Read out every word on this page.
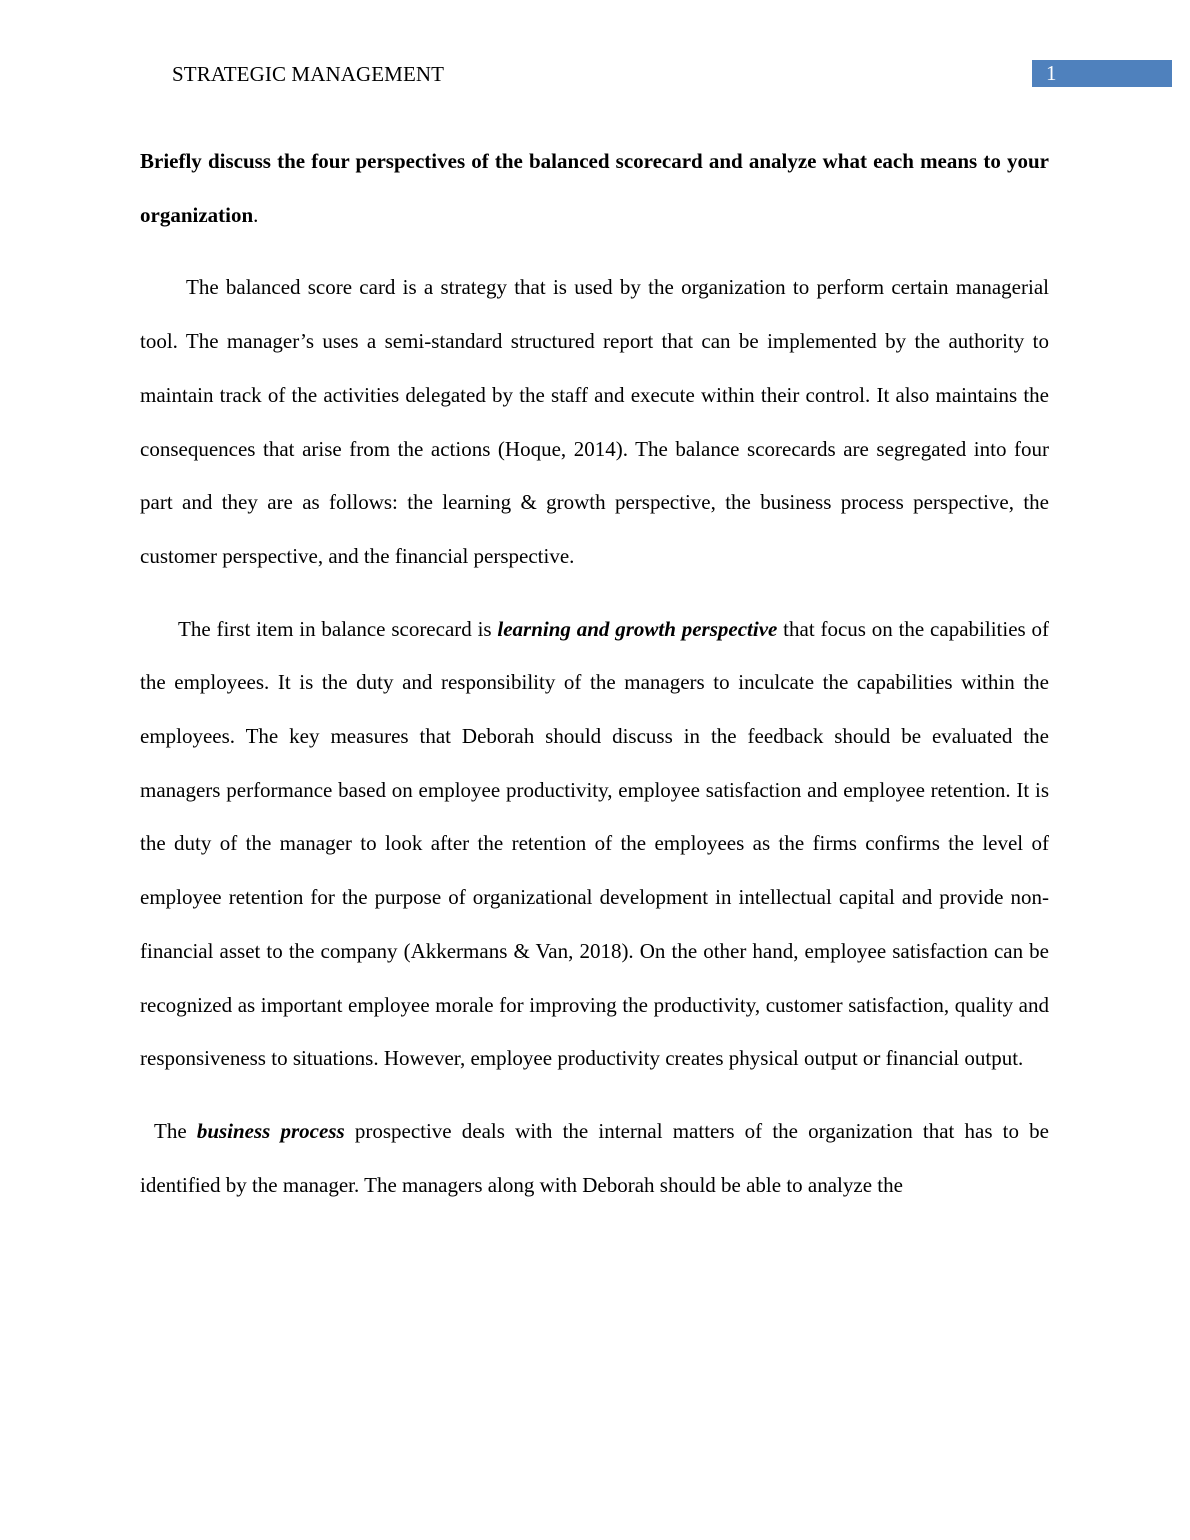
STRATEGIC MANAGEMENT	1
Briefly discuss the four perspectives of the balanced scorecard and analyze what each means to your organization.

The balanced score card is a strategy that is used by the organization to perform certain managerial tool. The manager’s uses a semi-standard structured report that can be implemented by the authority to maintain track of the activities delegated by the staff and execute within their control. It also maintains the consequences that arise from the actions (Hoque, 2014). The balance scorecards are segregated into four part and they are as follows: the learning & growth perspective, the business process perspective, the customer perspective, and the financial perspective.

The first item in balance scorecard is learning and growth perspective that focus on the capabilities of the employees. It is the duty and responsibility of the managers to inculcate the capabilities within the employees. The key measures that Deborah should discuss in the feedback should be evaluated the managers performance based on employee productivity, employee satisfaction and employee retention. It is the duty of the manager to look after the retention of the employees as the firms confirms the level of employee retention for the purpose of organizational development in intellectual capital and provide non-financial asset to the company (Akkermans & Van, 2018). On the other hand, employee satisfaction can be recognized as important employee morale for improving the productivity, customer satisfaction, quality and responsiveness to situations. However, employee productivity creates physical output or financial output.

The business process prospective deals with the internal matters of the organization that has to be identified by the manager. The managers along with Deborah should be able to analyze the
